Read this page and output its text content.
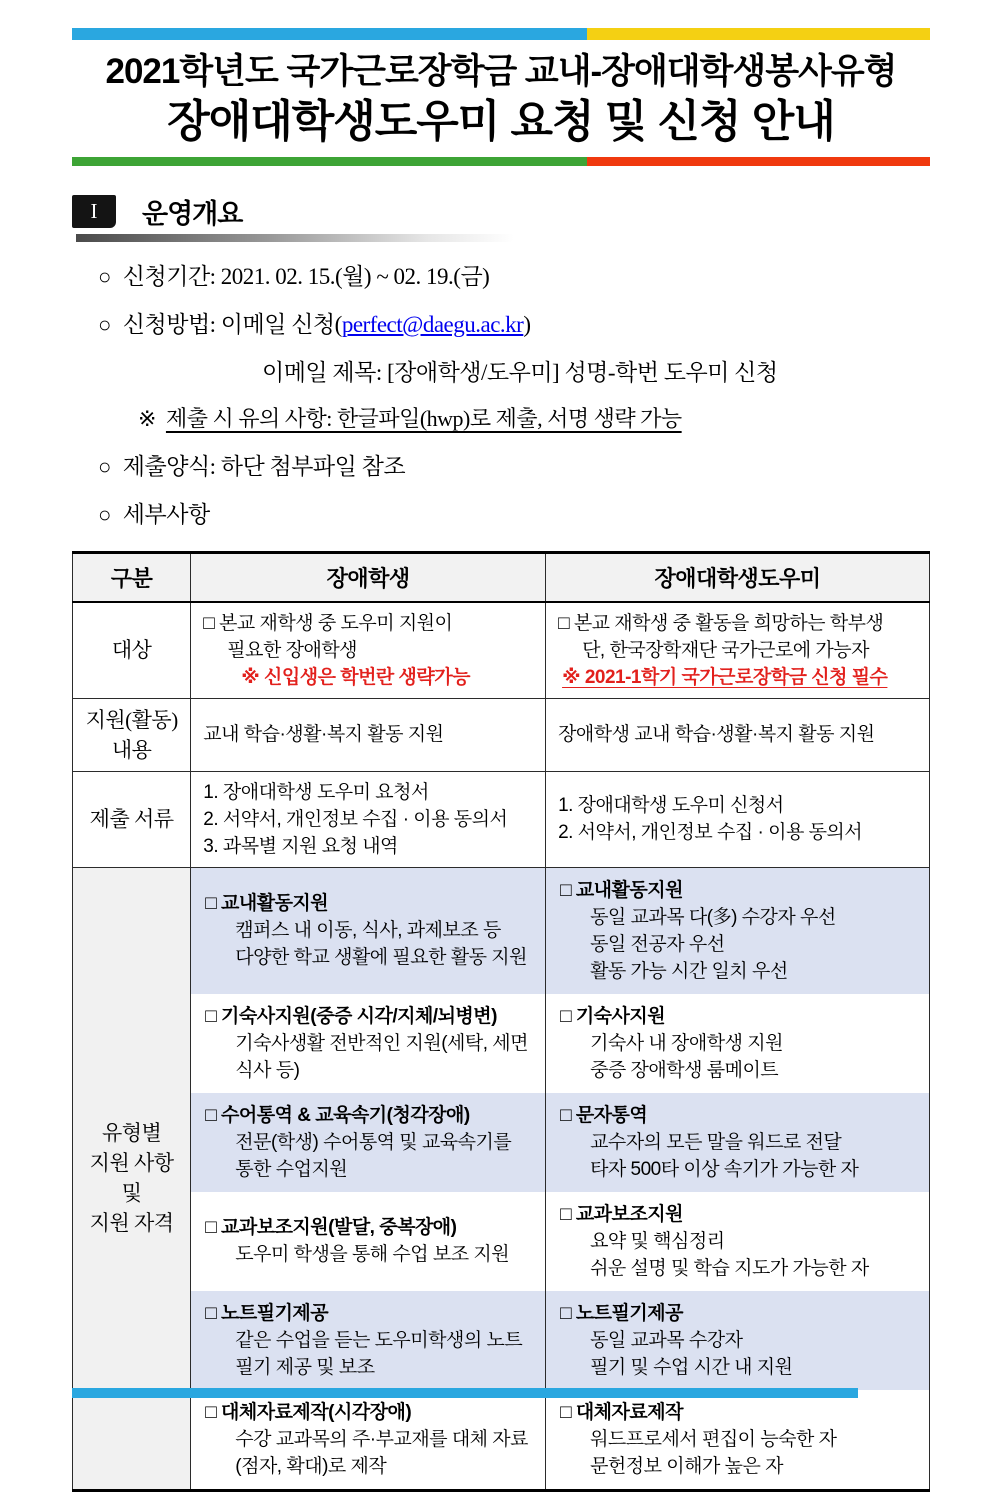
2021학년도 국가근로장학금 교내-장애대학생봉사유형
장애대학생도우미 요청 및 신청 안내
I	운영개요
○ 신청기간: 2021. 02. 15.(월) ~ 02. 19.(금)
○ 신청방법: 이메일 신청(perfect@daegu.ac.kr)
이메일 제목: [장애학생/도우미] 성명-학번 도우미 신청
※ 제출 시 유의 사항: 한글파일(hwp)로 제출, 서명 생략 가능
○ 제출양식: 하단 첨부파일 참조
○ 세부사항
구분	장애학생	장애대학생도우미
대상	□ 본교 재학생 중 도우미 지원이
필요한 장애학생
※ 신입생은 학번란 생략가능	□ 본교 재학생 중 활동을 희망하는 학부생
단, 한국장학재단 국가근로에 가능자
※ 2021-1학기 국가근로장학금 신청 필수

지원(활동)
내용	교내 학습·생활·복지 활동 지원	장애학생 교내 학습·생활·복지 활동 지원
제출 서류	1. 장애대학생 도우미 요청서
2. 서약서, 개인정보 수집 · 이용 동의서
3. 과목별 지원 요청 내역	1. 장애대학생 도우미 신청서
2. 서약서, 개인정보 수집 · 이용 동의서

유형별
지원 사항
및
지원 자격	□ 교내활동지원
캠퍼스 내 이동, 식사, 과제보조 등
다양한 학교 생활에 필요한 활동 지원	□ 교내활동지원
동일 교과목 다(多) 수강자 우선
동일 전공자 우선
활동 가능 시간 일치 우선

	□ 기숙사지원(중증 시각/지체/뇌병변)
기숙사생활 전반적인 지원(세탁, 세면
식사 등)	□ 기숙사지원
기숙사 내 장애학생 지원
중증 장애학생 룸메이트

	□ 수어통역 & 교육속기(청각장애)
전문(학생) 수어통역 및 교육속기를
통한 수업지원	□ 문자통역
교수자의 모든 말을 워드로 전달
타자 500타 이상 속기가 가능한 자

	□ 교과보조지원(발달, 중복장애)
도우미 학생을 통해 수업 보조 지원	□ 교과보조지원
요약 및 핵심정리
쉬운 설명 및 학습 지도가 가능한 자

	□ 노트필기제공
같은 수업을 듣는 도우미학생의 노트
필기 제공 및 보조	□ 노트필기제공
동일 교과목 수강자
필기 및 수업 시간 내 지원

	□ 대체자료제작(시각장애)
수강 교과목의 주·부교재를 대체 자료
(점자, 확대)로 제작	□ 대체자료제작
워드프로세서 편집이 능숙한 자
문헌정보 이해가 높은 자
